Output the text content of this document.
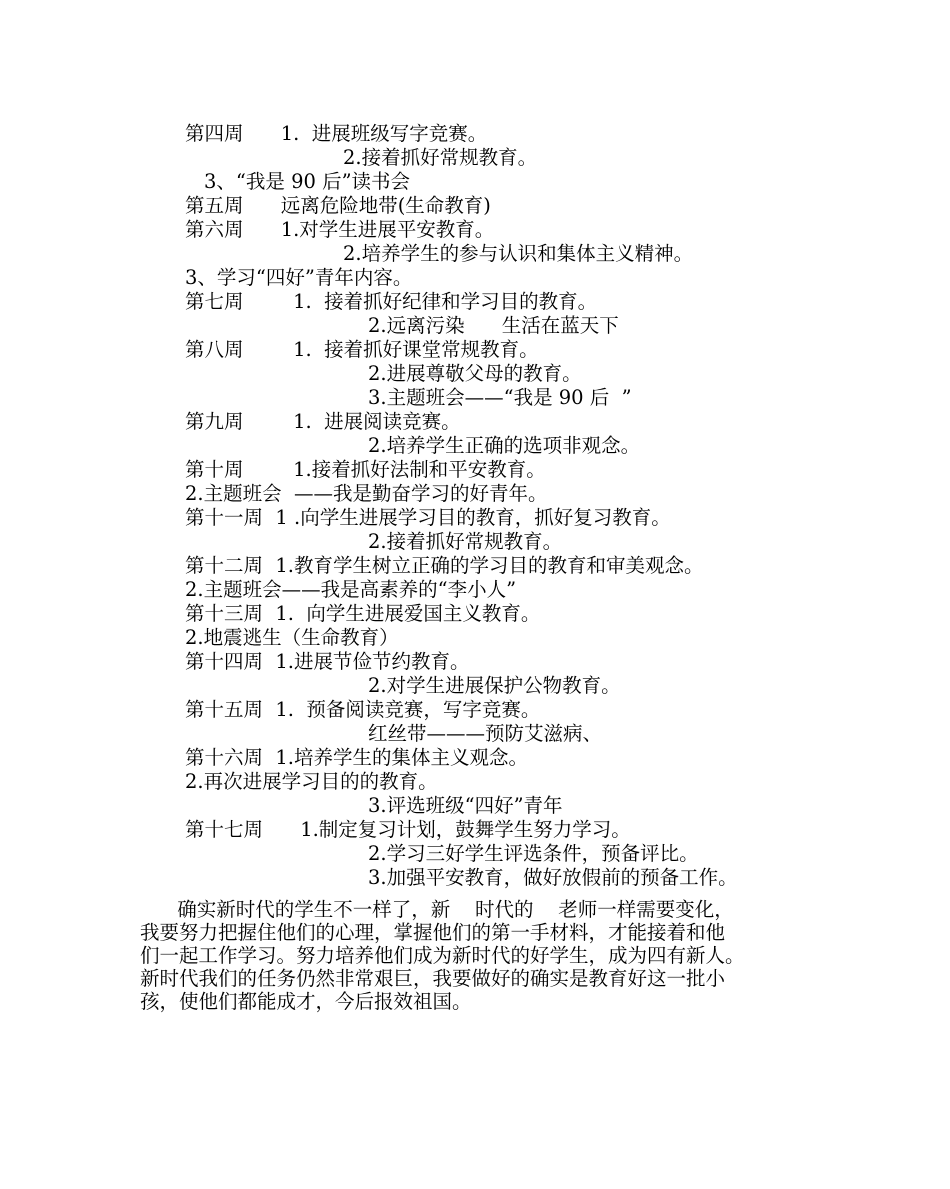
第四周      1.  进展班级写字竞赛。
2.接着抓好常规教育。
3、“我是 90 后”读书会
第五周      远离危险地带(生命教育)
第六周      1.对学生进展平安教育。
2.培养学生的参与认识和集体主义精神。
3、学习“四好”青年内容。
第七周        1.  接着抓好纪律和学习目的教育。
2.远离污染      生活在蓝天下
第八周        1.  接着抓好课堂常规教育。
2.进展尊敬父母的教育。
3.主题班会——“我是 90 后  ”
第九周        1.  进展阅读竞赛。
2.培养学生正确的选项非观念。
第十周        1.接着抓好法制和平安教育。
2.主题班会  ——我是勤奋学习的好青年。
第十一周  1 .向学生进展学习目的教育，抓好复习教育。
2.接着抓好常规教育。
第十二周  1.教育学生树立正确的学习目的教育和审美观念。
2.主题班会——我是高素养的“李小人”
第十三周  1.  向学生进展爱国主义教育。
2.地震逃生（生命教育）
第十四周  1.进展节俭节约教育。
2.对学生进展保护公物教育。
第十五周  1.  预备阅读竞赛，写字竞赛。
红丝带———预防艾滋病、
第十六周  1.培养学生的集体主义观念。
2.再次进展学习目的的教育。
3.评选班级“四好”青年
第十七周      1.制定复习计划，鼓舞学生努力学习。
2.学习三好学生评选条件，预备评比。
3.加强平安教育，做好放假前的预备工作。
确实新时代的学生不一样了，新    时代的    老师一样需要变化，
我要努力把握住他们的心理，掌握他们的第一手材料，才能接着和他
们一起工作学习。努力培养他们成为新时代的好学生，成为四有新人。
新时代我们的任务仍然非常艰巨，我要做好的确实是教育好这一批小
孩，使他们都能成才，今后报效祖国。
